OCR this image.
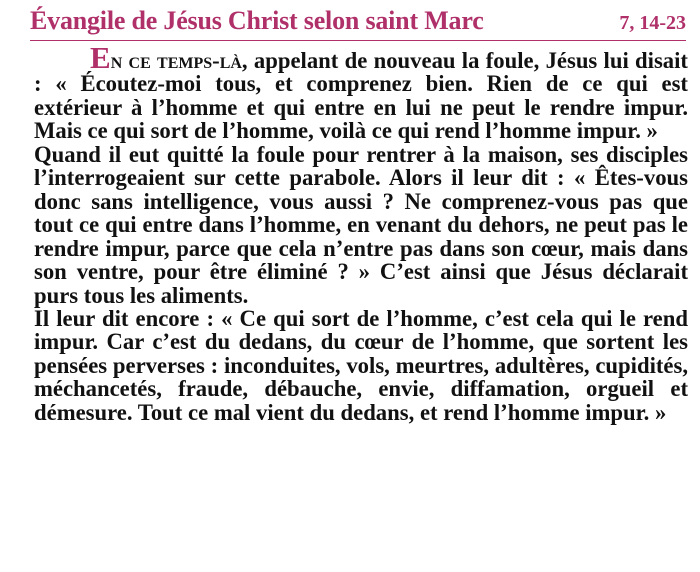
Évangile de Jésus Christ selon saint Marc	7, 14-23

En ce temps-là, appelant de nouveau la foule, Jésus lui disait : « Écoutez-moi tous, et comprenez bien. Rien de ce qui est extérieur à l’homme et qui entre en lui ne peut le rendre impur. Mais ce qui sort de l’homme, voilà ce qui rend l’homme impur. »

Quand il eut quitté la foule pour rentrer à la maison, ses disciples l’interrogeaient sur cette parabole. Alors il leur dit : « Êtes-vous donc sans intelligence, vous aussi ? Ne comprenez-vous pas que tout ce qui entre dans l’homme, en venant du dehors, ne peut pas le rendre impur, parce que cela n’entre pas dans son cœur, mais dans son ventre, pour être éliminé ? » C’est ainsi que Jésus déclarait purs tous les aliments.

Il leur dit encore : « Ce qui sort de l’homme, c’est cela qui le rend impur. Car c’est du dedans, du cœur de l’homme, que sortent les pensées perverses : inconduites, vols, meurtres, adultères, cupidités, méchancetés, fraude, débauche, envie, diffamation, orgueil et démesure. Tout ce mal vient du dedans, et rend l’homme impur. »
